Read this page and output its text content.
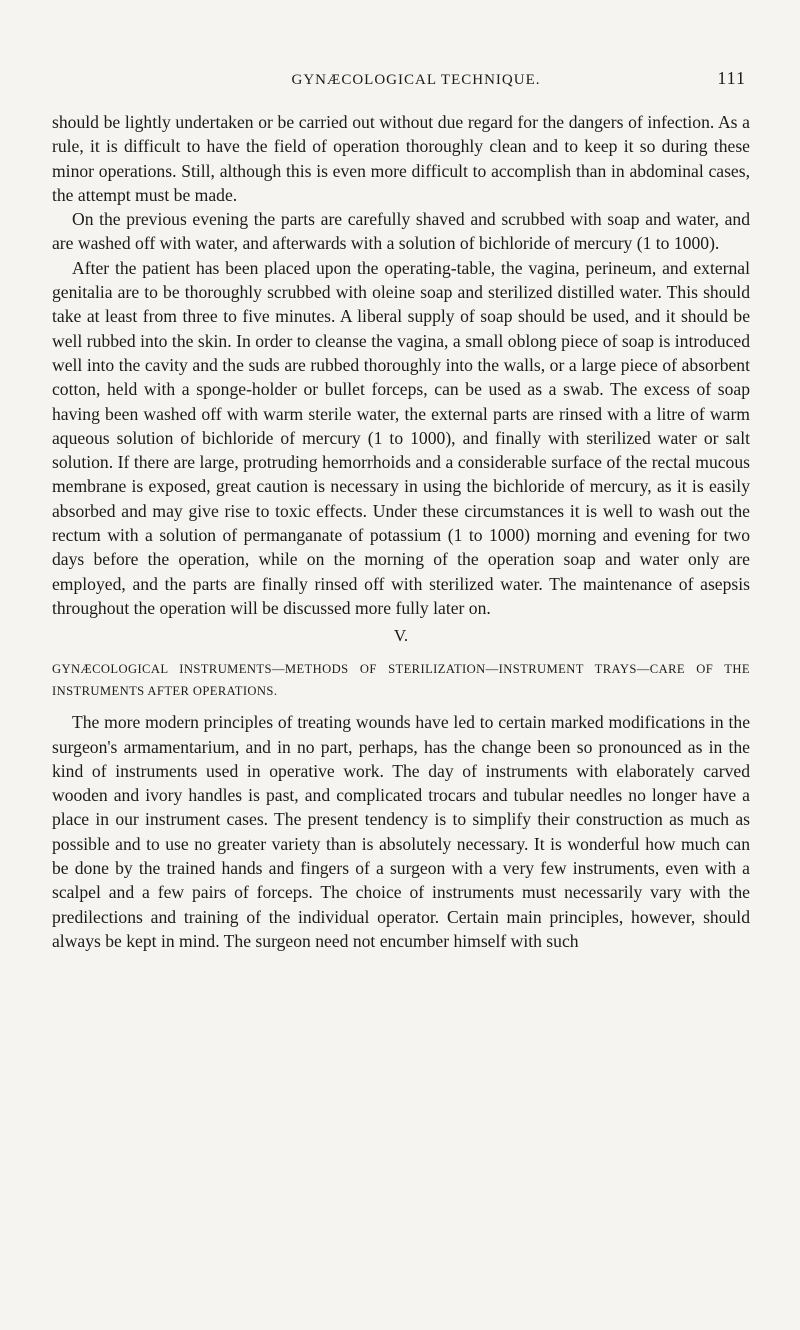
GYNÆCOLOGICAL TECHNIQUE.	111

should be lightly undertaken or be carried out without due regard for the dangers of infection. As a rule, it is difficult to have the field of operation thoroughly clean and to keep it so during these minor operations. Still, although this is even more difficult to accomplish than in abdominal cases, the attempt must be made.

On the previous evening the parts are carefully shaved and scrubbed with soap and water, and are washed off with water, and afterwards with a solution of bichloride of mercury (1 to 1000).

After the patient has been placed upon the operating-table, the vagina, perineum, and external genitalia are to be thoroughly scrubbed with oleine soap and sterilized distilled water. This should take at least from three to five minutes. A liberal supply of soap should be used, and it should be well rubbed into the skin. In order to cleanse the vagina, a small oblong piece of soap is introduced well into the cavity and the suds are rubbed thoroughly into the walls, or a large piece of absorbent cotton, held with a sponge-holder or bullet forceps, can be used as a swab. The excess of soap having been washed off with warm sterile water, the external parts are rinsed with a litre of warm aqueous solution of bichloride of mercury (1 to 1000), and finally with sterilized water or salt solution. If there are large, protruding hemorrhoids and a considerable surface of the rectal mucous membrane is exposed, great caution is necessary in using the bichloride of mercury, as it is easily absorbed and may give rise to toxic effects. Under these circumstances it is well to wash out the rectum with a solution of permanganate of potassium (1 to 1000) morning and evening for two days before the operation, while on the morning of the operation soap and water only are employed, and the parts are finally rinsed off with sterilized water. The maintenance of asepsis throughout the operation will be discussed more fully later on.

V.
GYNÆCOLOGICAL INSTRUMENTS—METHODS OF STERILIZATION—INSTRUMENT TRAYS—CARE OF THE INSTRUMENTS AFTER OPERATIONS.

The more modern principles of treating wounds have led to certain marked modifications in the surgeon's armamentarium, and in no part, perhaps, has the change been so pronounced as in the kind of instruments used in operative work. The day of instruments with elaborately carved wooden and ivory handles is past, and complicated trocars and tubular needles no longer have a place in our instrument cases. The present tendency is to simplify their construction as much as possible and to use no greater variety than is absolutely necessary. It is wonderful how much can be done by the trained hands and fingers of a surgeon with a very few instruments, even with a scalpel and a few pairs of forceps. The choice of instruments must necessarily vary with the predilections and training of the individual operator. Certain main principles, however, should always be kept in mind. The surgeon need not encumber himself with such
